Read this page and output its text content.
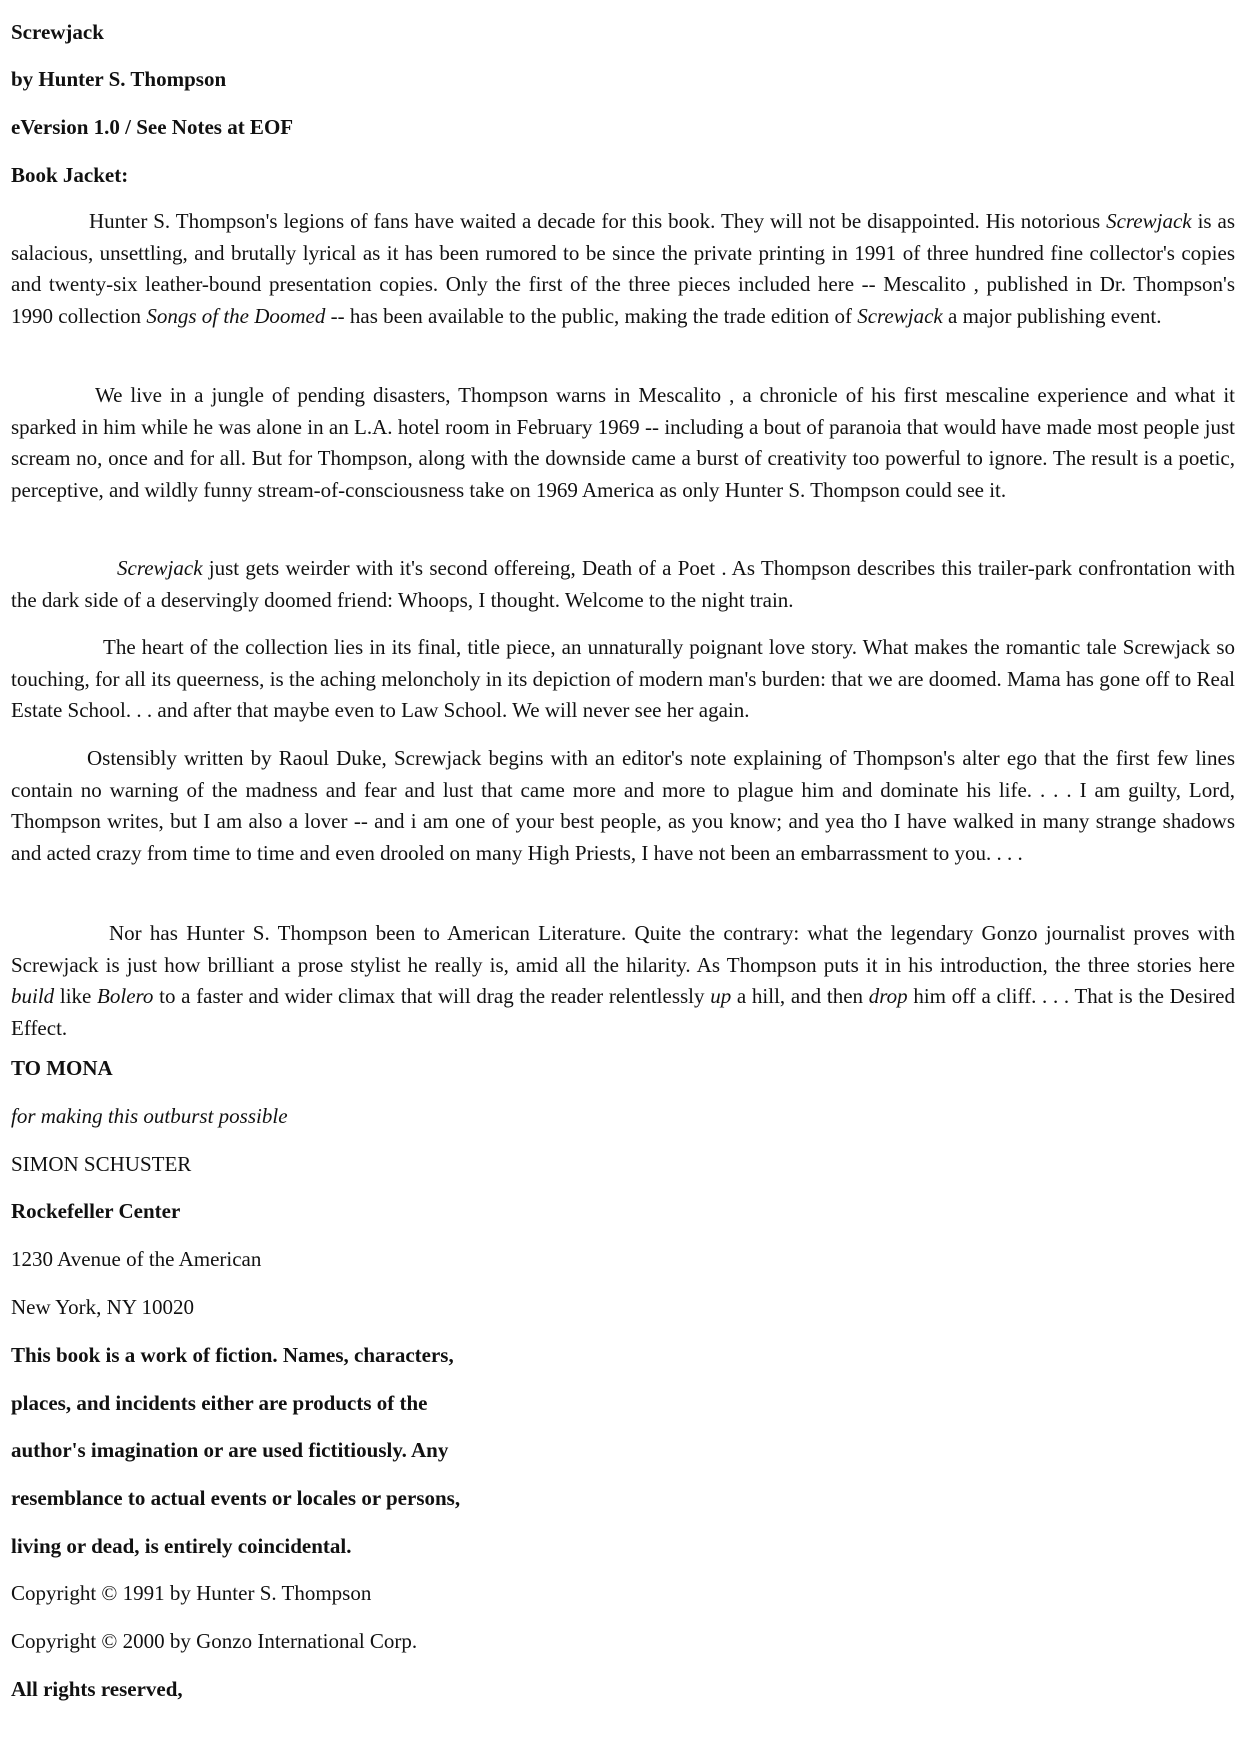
Screwjack
by Hunter S. Thompson
eVersion 1.0 / See Notes at EOF
Book Jacket:

Hunter S. Thompson's legions of fans have waited a decade for this book. They will not be disappointed. His notorious Screwjack is as salacious, unsettling, and brutally lyrical as it has been rumored to be since the private printing in 1991 of three hundred fine collector's copies and twenty-six leather-bound presentation copies. Only the first of the three pieces included here -- Mescalito , published in Dr. Thompson's 1990 collection Songs of the Doomed -- has been available to the public, making the trade edition of Screwjack a major publishing event.

We live in a jungle of pending disasters, Thompson warns in Mescalito , a chronicle of his first mescaline experience and what it sparked in him while he was alone in an L.A. hotel room in February 1969 -- including a bout of paranoia that would have made most people just scream no, once and for all. But for Thompson, along with the downside came a burst of creativity too powerful to ignore. The result is a poetic, perceptive, and wildly funny stream-of-consciousness take on 1969 America as only Hunter S. Thompson could see it.

Screwjack just gets weirder with it's second offereing, Death of a Poet . As Thompson describes this trailer-park confrontation with the dark side of a deservingly doomed friend: Whoops, I thought. Welcome to the night train.

The heart of the collection lies in its final, title piece, an unnaturally poignant love story. What makes the romantic tale Screwjack so touching, for all its queerness, is the aching meloncholy in its depiction of modern man's burden: that we are doomed. Mama has gone off to Real Estate School. . . and after that maybe even to Law School. We will never see her again.

Ostensibly written by Raoul Duke, Screwjack begins with an editor's note explaining of Thompson's alter ego that the first few lines contain no warning of the madness and fear and lust that came more and more to plague him and dominate his life. . . . I am guilty, Lord, Thompson writes, but I am also a lover -- and i am one of your best people, as you know; and yea tho I have walked in many strange shadows and acted crazy from time to time and even drooled on many High Priests, I have not been an embarrassment to you. . . .

Nor has Hunter S. Thompson been to American Literature. Quite the contrary: what the legendary Gonzo journalist proves with Screwjack is just how brilliant a prose stylist he really is, amid all the hilarity. As Thompson puts it in his introduction, the three stories here build like Bolero to a faster and wider climax that will drag the reader relentlessly up a hill, and then drop him off a cliff. . . . That is the Desired Effect.

TO MONA
for making this outburst possible
SIMON SCHUSTER
Rockefeller Center
1230 Avenue of the American
New York, NY 10020
This book is a work of fiction. Names, characters,
places, and incidents either are products of the
author's imagination or are used fictitiously. Any
resemblance to actual events or locales or persons,
living or dead, is entirely coincidental.
Copyright © 1991 by Hunter S. Thompson
Copyright © 2000 by Gonzo International Corp.
All rights reserved,
